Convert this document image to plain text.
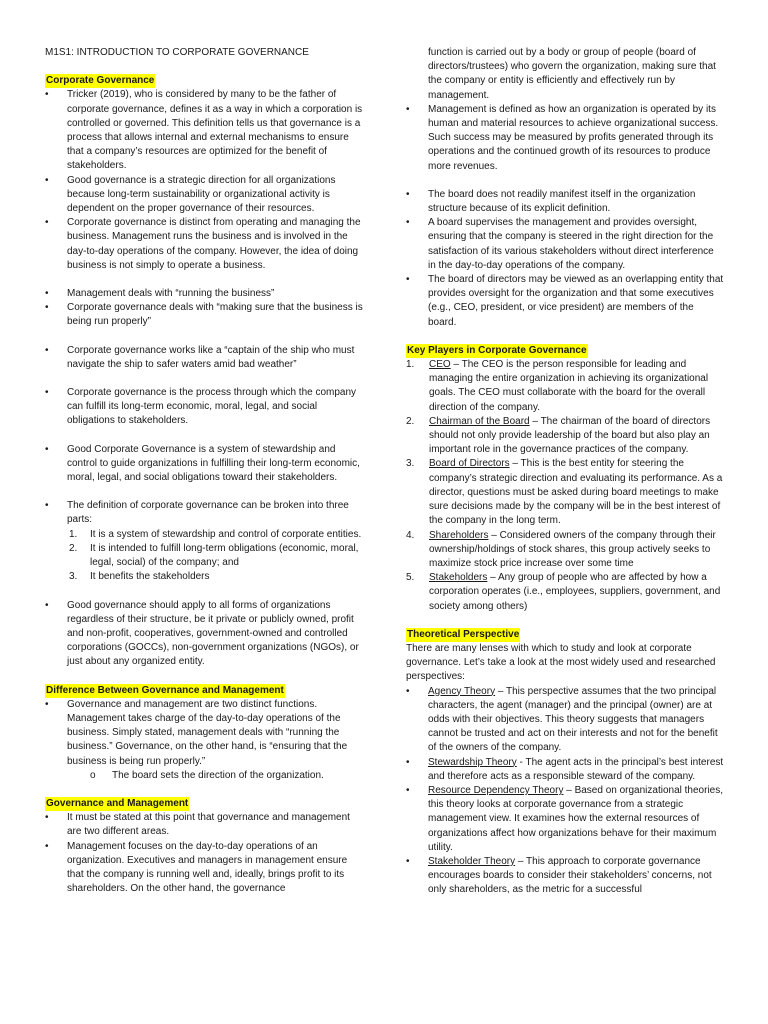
M1S1: INTRODUCTION TO CORPORATE GOVERNANCE

Corporate Governance

• Tricker (2019), who is considered by many to be the father of corporate governance, defines it as a way in which a corporation is controlled or governed. This definition tells us that governance is a process that allows internal and external mechanisms to ensure that a company’s resources are optimized for the benefit of stakeholders.

• Good governance is a strategic direction for all organizations because long-term sustainability or organizational activity is dependent on the proper governance of their resources.

• Corporate governance is distinct from operating and managing the business. Management runs the business and is involved in the day-to-day operations of the company. However, the idea of doing business is not simply to operate a business.

• Management deals with “running the business”

• Corporate governance deals with “making sure that the business is being run properly”

• Corporate governance works like a “captain of the ship who must navigate the ship to safer waters amid bad weather”

• Corporate governance is the process through which the company can fulfill its long-term economic, moral, legal, and social obligations to stakeholders.

• Good Corporate Governance is a system of stewardship and control to guide organizations in fulfilling their long-term economic, moral, legal, and social obligations toward their stakeholders.

• The definition of corporate governance can be broken into three parts:

1. It is a system of stewardship and control of corporate entities.

2. It is intended to fulfill long-term obligations (economic, moral, legal, social) of the company; and

3. It benefits the stakeholders

• Good governance should apply to all forms of organizations regardless of their structure, be it private or publicly owned, profit and non-profit, cooperatives, government-owned and controlled corporations (GOCCs), non-government organizations (NGOs), or just about any organized entity.

Difference Between Governance and Management

• Governance and management are two distinct functions. Management takes charge of the day-to-day operations of the business. Simply stated, management deals with “running the business.” Governance, on the other hand, is “ensuring that the business is being run properly.”

o The board sets the direction of the organization.

Governance and Management

• It must be stated at this point that governance and management are two different areas.

• Management focuses on the day-to-day operations of an organization. Executives and managers in management ensure that the company is running well and, ideally, brings profit to its shareholders. On the other hand, the governance

function is carried out by a body or group of people (board of directors/trustees) who govern the organization, making sure that the company or entity is efficiently and effectively run by management.

• Management is defined as how an organization is operated by its human and material resources to achieve organizational success. Such success may be measured by profits generated through its operations and the continued growth of its resources to produce more revenues.

• The board does not readily manifest itself in the organization structure because of its explicit definition.

• A board supervises the management and provides oversight, ensuring that the company is steered in the right direction for the satisfaction of its various stakeholders without direct interference in the day-to-day operations of the company.

• The board of directors may be viewed as an overlapping entity that provides oversight for the organization and that some executives (e.g., CEO, president, or vice president) are members of the board.

Key Players in Corporate Governance

1. CEO – The CEO is the person responsible for leading and managing the entire organization in achieving its organizational goals. The CEO must collaborate with the board for the overall direction of the company.

2. Chairman of the Board – The chairman of the board of directors should not only provide leadership of the board but also play an important role in the governance practices of the company.

3. Board of Directors – This is the best entity for steering the company’s strategic direction and evaluating its performance. As a director, questions must be asked during board meetings to make sure decisions made by the company will be in the best interest of the company in the long term.

4. Shareholders – Considered owners of the company through their ownership/holdings of stock shares, this group actively seeks to maximize stock price increase over some time

5. Stakeholders – Any group of people who are affected by how a corporation operates (i.e., employees, suppliers, government, and society among others)

Theoretical Perspective

There are many lenses with which to study and look at corporate governance. Let’s take a look at the most widely used and researched perspectives:

• Agency Theory – This perspective assumes that the two principal characters, the agent (manager) and the principal (owner) are at odds with their objectives. This theory suggests that managers cannot be trusted and act on their interests and not for the benefit of the owners of the company.

• Stewardship Theory - The agent acts in the principal’s best interest and therefore acts as a responsible steward of the company.

• Resource Dependency Theory – Based on organizational theories, this theory looks at corporate governance from a strategic management view. It examines how the external resources of organizations affect how organizations behave for their maximum utility.

• Stakeholder Theory – This approach to corporate governance encourages boards to consider their stakeholders’ concerns, not only shareholders, as the metric for a successful
